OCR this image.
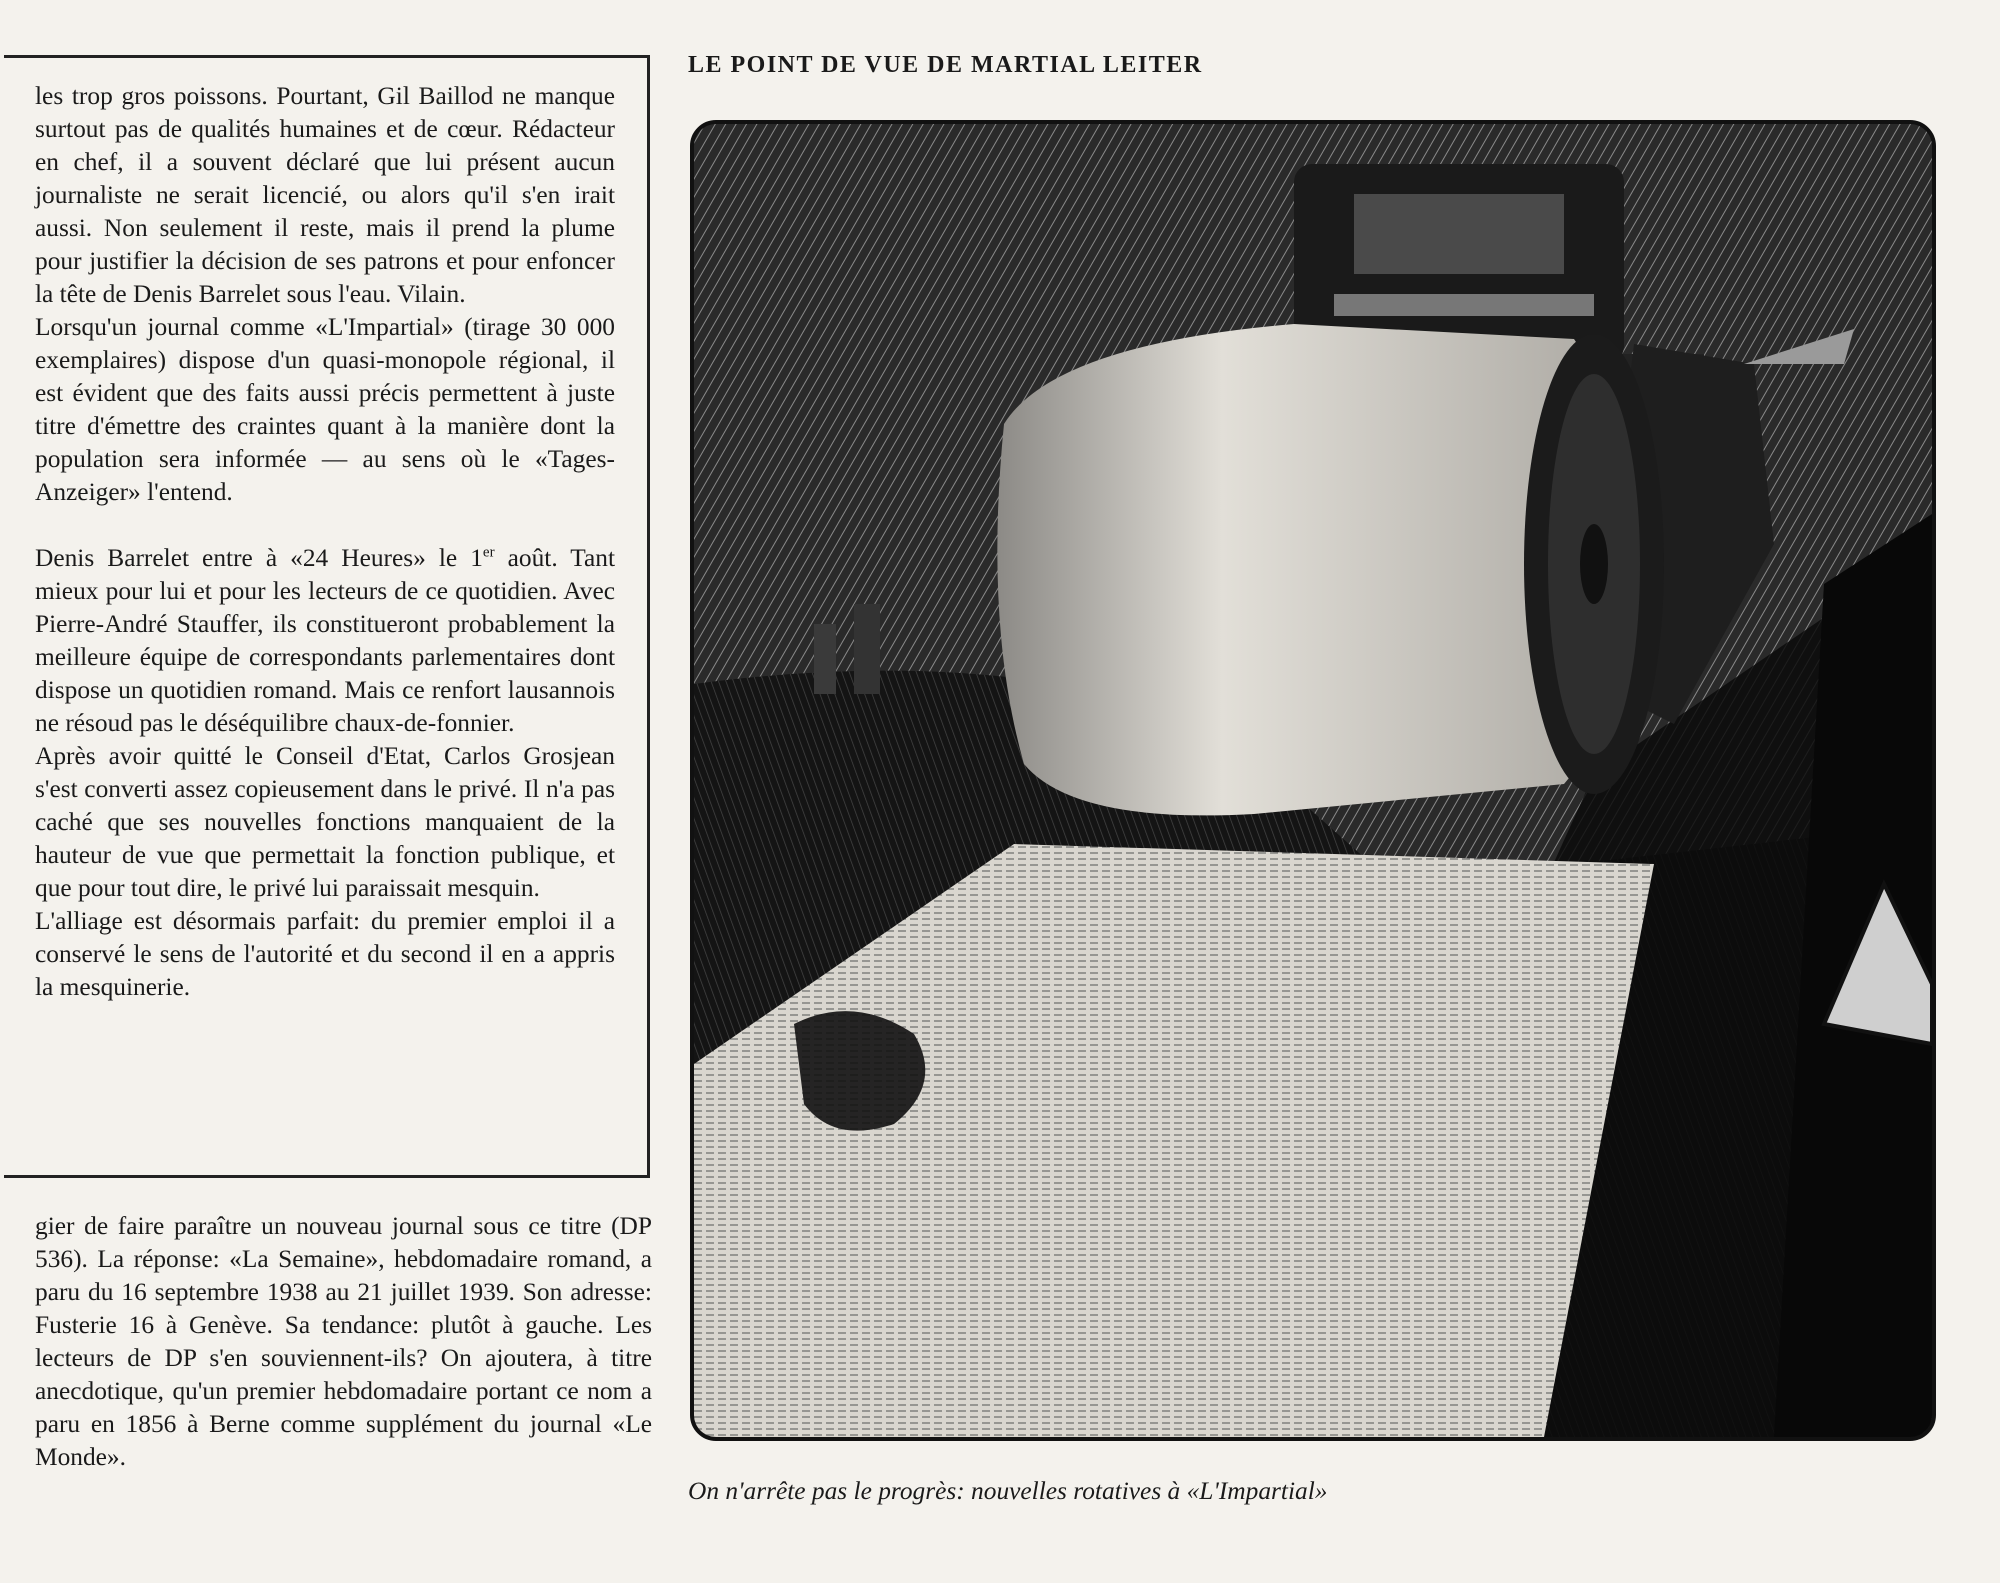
les trop gros poissons. Pourtant, Gil Baillod ne manque surtout pas de qualités humaines et de cœur. Rédacteur en chef, il a souvent déclaré que lui présent aucun journaliste ne serait licencié, ou alors qu'il s'en irait aussi. Non seulement il reste, mais il prend la plume pour justifier la décision de ses patrons et pour enfoncer la tête de Denis Barrelet sous l'eau. Vilain.

Lorsqu'un journal comme «L'Impartial» (tirage 30 000 exemplaires) dispose d'un quasi-monopole régional, il est évident que des faits aussi précis permettent à juste titre d'émettre des craintes quant à la manière dont la population sera informée — au sens où le «Tages-Anzeiger» l'entend.

Denis Barrelet entre à «24 Heures» le 1er août. Tant mieux pour lui et pour les lecteurs de ce quotidien. Avec Pierre-André Stauffer, ils constitueront probablement la meilleure équipe de correspondants parlementaires dont dispose un quotidien romand. Mais ce renfort lausannois ne résoud pas le déséquilibre chaux-de-fonnier.

Après avoir quitté le Conseil d'Etat, Carlos Grosjean s'est converti assez copieusement dans le privé. Il n'a pas caché que ses nouvelles fonctions manquaient de la hauteur de vue que permettait la fonction publique, et que pour tout dire, le privé lui paraissait mesquin.

L'alliage est désormais parfait: du premier emploi il a conservé le sens de l'autorité et du second il en a appris la mesquinerie.

gier de faire paraître un nouveau journal sous ce titre (DP 536). La réponse: «La Semaine», hebdomadaire romand, a paru du 16 septembre 1938 au 21 juillet 1939. Son adresse: Fusterie 16 à Genève. Sa tendance: plutôt à gauche. Les lecteurs de DP s'en souviennent-ils? On ajoutera, à titre anecdotique, qu'un premier hebdomadaire portant ce nom a paru en 1856 à Berne comme supplément du journal «Le Monde».

LE POINT DE VUE DE MARTIAL LEITER
On n'arrête pas le progrès: nouvelles rotatives à «L'Impartial»
